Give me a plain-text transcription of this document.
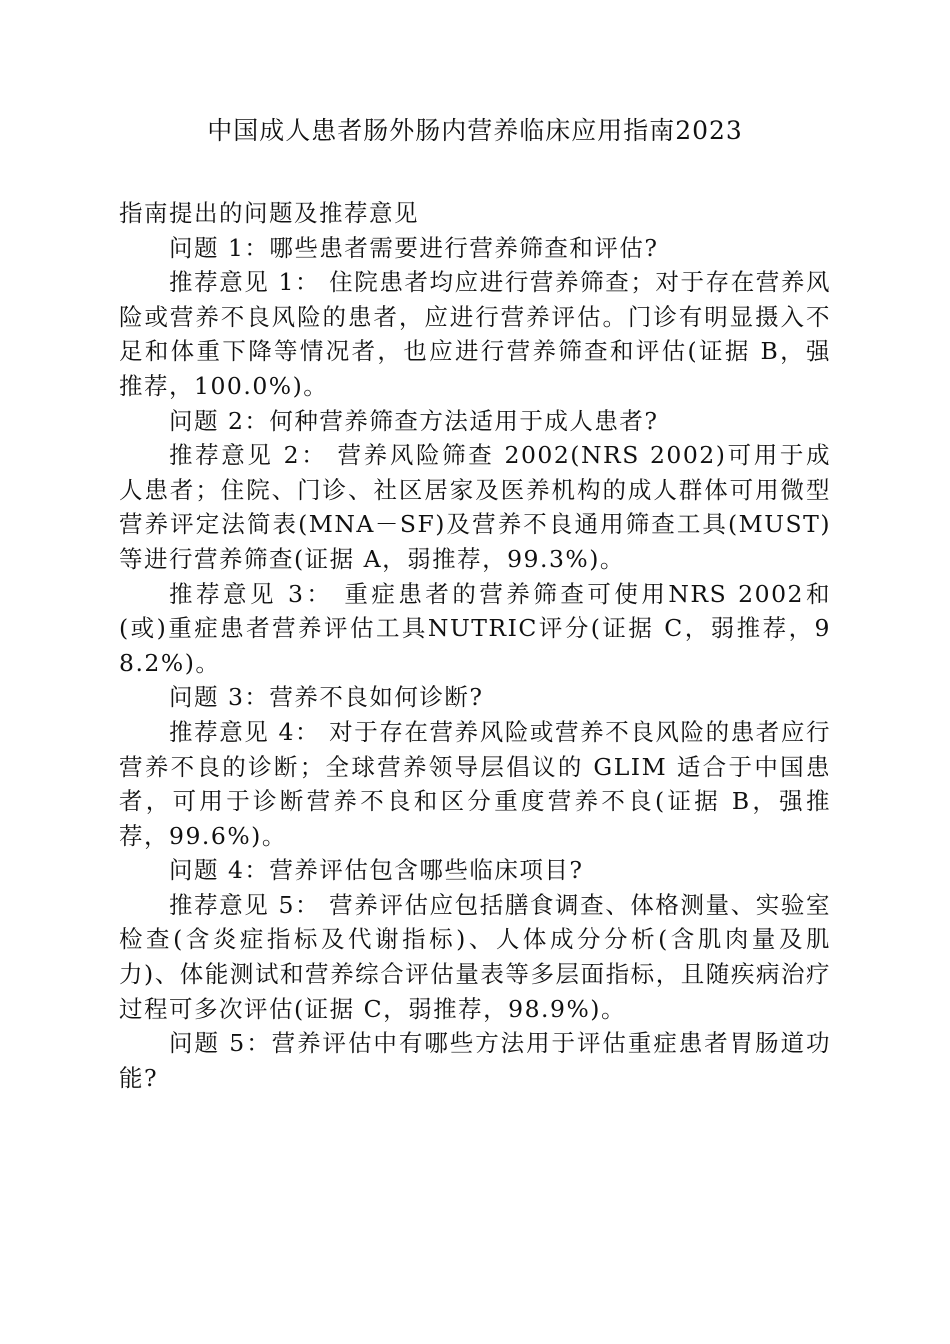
中国成人患者肠外肠内营养临床应用指南2023

指南提出的问题及推荐意见

问题 1：哪些患者需要进行营养筛查和评估?

推荐意见 1： 住院患者均应进行营养筛查；对于存在营养风险或营养不良风险的患者，应进行营养评估。门诊有明显摄入不足和体重下降等情况者，也应进行营养筛查和评估(证据 B，强推荐，100.0%)。

问题 2：何种营养筛查方法适用于成人患者?

推荐意见 2： 营养风险筛查 2002(NRS 2002)可用于成人患者；住院、门诊、社区居家及医养机构的成人群体可用微型营养评定法简表(MNA－SF)及营养不良通用筛查工具(MUST)等进行营养筛查(证据 A，弱推荐，99.3%)。

推荐意见 3： 重症患者的营养筛查可使用NRS 2002和(或)重症患者营养评估工具NUTRIC评分(证据 C，弱推荐，98.2%)。

问题 3：营养不良如何诊断?

推荐意见 4： 对于存在营养风险或营养不良风险的患者应行营养不良的诊断；全球营养领导层倡议的 GLIM 适合于中国患者，可用于诊断营养不良和区分重度营养不良(证据 B，强推荐，99.6%)。

问题 4：营养评估包含哪些临床项目?

推荐意见 5： 营养评估应包括膳食调查、体格测量、实验室检查(含炎症指标及代谢指标)、人体成分分析(含肌肉量及肌力)、体能测试和营养综合评估量表等多层面指标，且随疾病治疗过程可多次评估(证据 C，弱推荐，98.9%)。

问题 5：营养评估中有哪些方法用于评估重症患者胃肠道功能?
